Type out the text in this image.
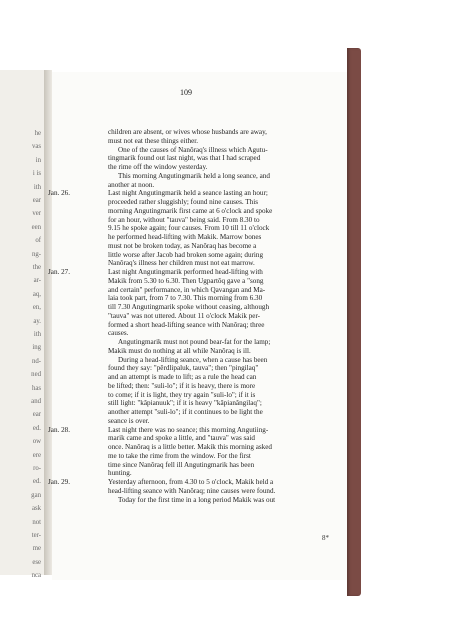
he
vas
in
i is
ith
ear
ver
een
of
ng-
the
ar-
aq,
en,
ay.
ith
ing
nd-
ned
has
and
ear
ed.
ow
ere
ro-
ed.
gan
ask
not
ter-
me
ese
nca
109
children are absent, or wives whose husbands are away,
must not eat these things either.
One of the causes of Nanôraq's illness which Agutu-
tingmarik found out last night, was that I had scraped
the rime off the window yesterday.
This morning Angutingmarik held a long seance, and
another at noon.
Jan. 26.	Last night Angutingmarik held a seance lasting an hour;
proceeded rather sluggishly; found nine causes. This
morning Angutingmarik first came at 6 o'clock and spoke
for an hour, without "tauva" being said. From 8.30 to
9.15 he spoke again; four causes. From 10 till 11 o'clock
he performed head-lifting with Makik. Marrow bones
must not be broken today, as Nanôraq has become a
little worse after Jacob had broken some again; during
Nanôraq's illness her children must not eat marrow.
Jan. 27.	Last night Angutingmarik performed head-lifting with
Makik from 5.30 to 6.30. Then Ugpartôq gave a "song
and certain" performance, in which Qavangan and Ma-
laia took part, from 7 to 7.30. This morning from 6.30
till 7.30 Angutingmarik spoke without ceasing, although
"tauva" was not uttered. About 11 o'clock Makik per-
formed a short head-lifting seance with Nanôraq; three
causes.
Angutingmarik must not pound bear-fat for the lamp;
Makik must do nothing at all while Nanôraq is ill.
During a head-lifting seance, when a cause has been
found they say: "pêrdlipaluk, tauva"; then "pingilaq"
and an attempt is made to lift; as a rule the head can
be lifted; then: "suli-lo"; if it is heavy, there is more
to come; if it is light, they try again "suli-lo"; if it is
still light: "kâpianuuk"; if it is heavy "kâpianângilaq";
another attempt "suli-lo"; if it continues to be light the
seance is over.
Jan. 28.	Last night there was no seance; this morning Angutiing-
marik came and spoke a little, and "tauva" was said
once. Nanôraq is a little better. Makik this morning asked
me to take the rime from the window. For the first
time since Nanôraq fell ill Angutingmarik has been
hunting.
Jan. 29.	Yesterday afternoon, from 4.30 to 5 o'clock, Makik held a
head-lifting seance with Nanôraq; nine causes were found.
Today for the first time in a long period Makik was out
8*
